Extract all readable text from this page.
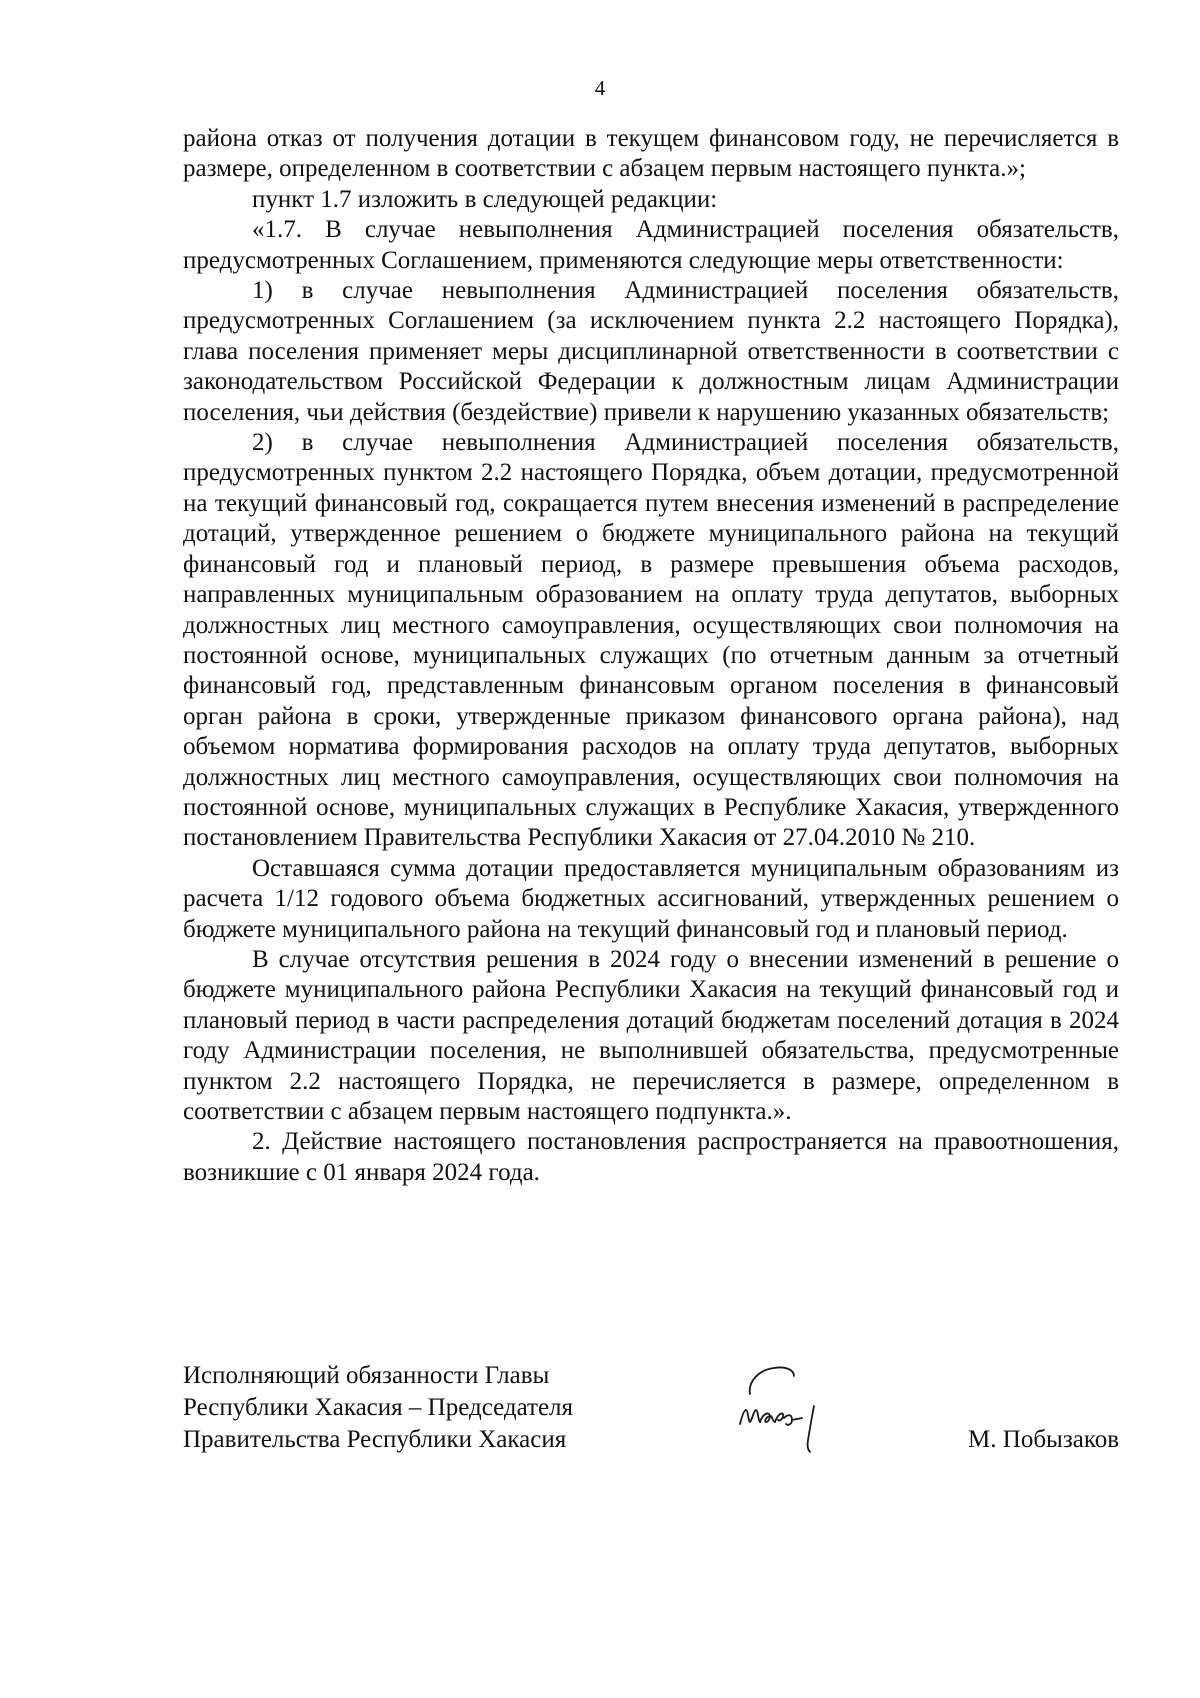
4

района отказ от получения дотации в текущем финансовом году, не перечисляется в размере, определенном в соответствии с абзацем первым настоящего пункта.»;

пункт 1.7 изложить в следующей редакции:

«1.7. В случае невыполнения Администрацией поселения обязательств, предусмотренных Соглашением, применяются следующие меры ответственности:

1) в случае невыполнения Администрацией поселения обязательств, предусмотренных Соглашением (за исключением пункта 2.2 настоящего Порядка), глава поселения применяет меры дисциплинарной ответственности в соответствии с законодательством Российской Федерации к должностным лицам Администрации поселения, чьи действия (бездействие) привели к нарушению указанных обязательств;

2) в случае невыполнения Администрацией поселения обязательств, предусмотренных пунктом 2.2 настоящего Порядка, объем дотации, предусмотренной на текущий финансовый год, сокращается путем внесения изменений в распределение дотаций, утвержденное решением о бюджете муниципального района на текущий финансовый год и плановый период, в размере превышения объема расходов, направленных муниципальным образованием на оплату труда депутатов, выборных должностных лиц местного самоуправления, осуществляющих свои полномочия на постоянной основе, муниципальных служащих (по отчетным данным за отчетный финансовый год, представленным финансовым органом поселения в финансовый орган района в сроки, утвержденные приказом финансового органа района), над объемом норматива формирования расходов на оплату труда депутатов, выборных должностных лиц местного самоуправления, осуществляющих свои полномочия на постоянной основе, муниципальных служащих в Республике Хакасия, утвержденного постановлением Правительства Республики Хакасия от 27.04.2010 № 210.

Оставшаяся сумма дотации предоставляется муниципальным образованиям из расчета 1/12 годового объема бюджетных ассигнований, утвержденных решением о бюджете муниципального района на текущий финансовый год и плановый период.

В случае отсутствия решения в 2024 году о внесении изменений в решение о бюджете муниципального района Республики Хакасия на текущий финансовый год и плановый период в части распределения дотаций бюджетам поселений дотация в 2024 году Администрации поселения, не выполнившей обязательства, предусмотренные пунктом 2.2 настоящего Порядка, не перечисляется в размере, определенном в соответствии с абзацем первым настоящего подпункта.».

2. Действие настоящего постановления распространяется на правоотношения, возникшие с 01 января 2024 года.

Исполняющий обязанности Главы
Республики Хакасия – Председателя
Правительства Республики Хакасия	М. Побызаков
